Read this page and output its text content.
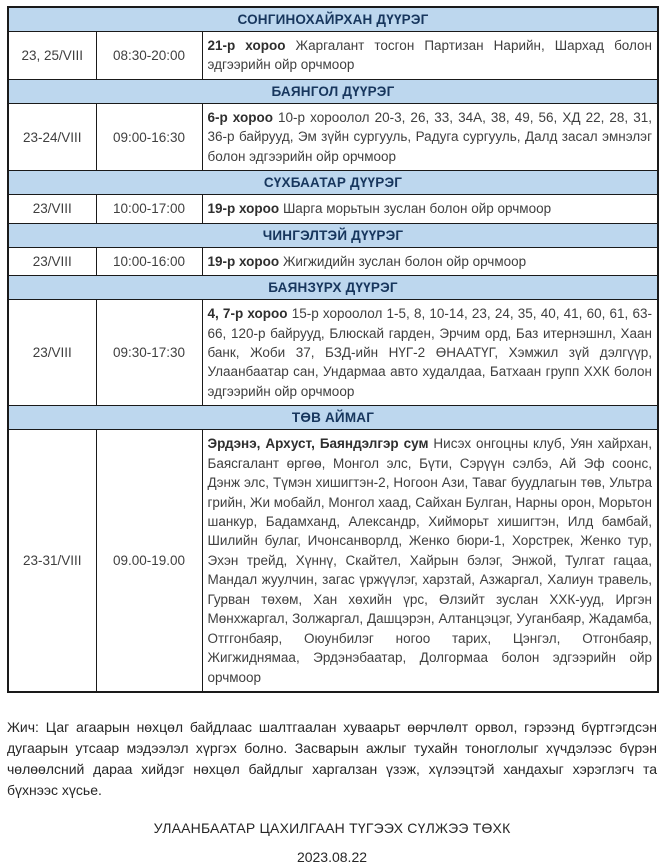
СОНГИНОХАЙРХАН ДҮҮРЭГ		
23, 25/VIII	08:30-20:00	21-р хороо Жаргалант тосгон Партизан Нарийн, Шархад болон эдгээрийн ойр орчмоор
БАЯНГОЛ ДҮҮРЭГ		
23-24/VIII	09:00-16:30	6-р хороо 10-р хороолол 20-3, 26, 33, 34А, 38, 49, 56, ХД 22, 28, 31, 36-р байрууд, Эм зүйн сургууль, Радуга сургууль, Далд засал эмнэлэг болон эдгээрийн ойр орчмоор
СҮХБААТАР ДҮҮРЭГ		
23/VIII	10:00-17:00	19-р хороо Шарга морьтын зуслан болон ойр орчмоор
ЧИНГЭЛТЭЙ ДҮҮРЭГ		
23/VIII	10:00-16:00	19-р хороо Жигжидийн зуслан болон ойр орчмоор
БАЯНЗҮРХ ДҮҮРЭГ		
23/VIII	09:30-17:30	4, 7-р хороо 15-р хороолол 1-5, 8, 10-14, 23, 24, 35, 40, 41, 60, 61, 63-66, 120-р байрууд, Блюскай гарден, Эрчим орд, Баз итернэшнл, Хаан банк, Жоби 37, БЗД-ийн НҮГ-2 ӨНААТҮГ, Хэмжил зүй дэлгүүр, Улаанбаатар сан, Ундармаа авто худалдаа, Батхаан групп ХХК болон эдгээрийн ойр орчмоор
ТӨВ АЙМАГ		
23-31/VIII	09.00-19.00	Эрдэнэ, Архуст, Баяндэлгэр сум Нисэх онгоцны клуб, Уян хайрхан, Баясгалант өргөө, Монгол элс, Бүти, Сэрүүн сэлбэ, Ай Эф соонс, Дэнж элс, Түмэн хишигтэн-2, Ногоон Ази, Таваг буудлагын төв, Ультра грийн, Жи мобайл, Монгол хаад, Сайхан Булган, Нарны орон, Морьтон шанкур, Бадамханд, Александр, Хийморьт хишигтэн, Илд бамбай, Шилийн булаг, Ичонсанворлд, Женко бюри-1, Хорстрек, Женко тур, Эхэн трейд, Хүннү, Скайтел, Хайрын бэлэг, Энжой, Тулгат гацаа, Мандал жуулчин, загас үржүүлэг, харзтай, Азжаргал, Халиун травель, Гурван төхөм, Хан хөхийн үрс, Өлзийт зуслан ХХК-ууд, Иргэн Мөнхжаргал, Золжаргал, Дашцэрэн, Алтанцэцэг, Ууганбаяр, Жадамба, Отггонбаяр, Оюунбилэг ногоо тарих, Цэнгэл, Отгонбаяр, Жигжиднямаа, Эрдэнэбаатар, Долгормаа болон эдгээрийн ойр орчмоор

Жич: Цаг агаарын нөхцөл байдлаас шалтгаалан хуваарьт өөрчлөлт орвол, гэрээнд бүртгэгдсэн дугаарын утсаар мэдээлэл хүргэх болно. Засварын ажлыг тухайн тоноглолыг хүчдэлээс бүрэн чөлөөлсний дараа хийдэг нөхцөл байдлыг харгалзан үзэж, хүлээцтэй хандахыг хэрэглэгч та бүхнээс хүсье.

УЛААНБААТАР ЦАХИЛГААН ТҮГЭЭХ СҮЛЖЭЭ ТӨХК

2023.08.22
